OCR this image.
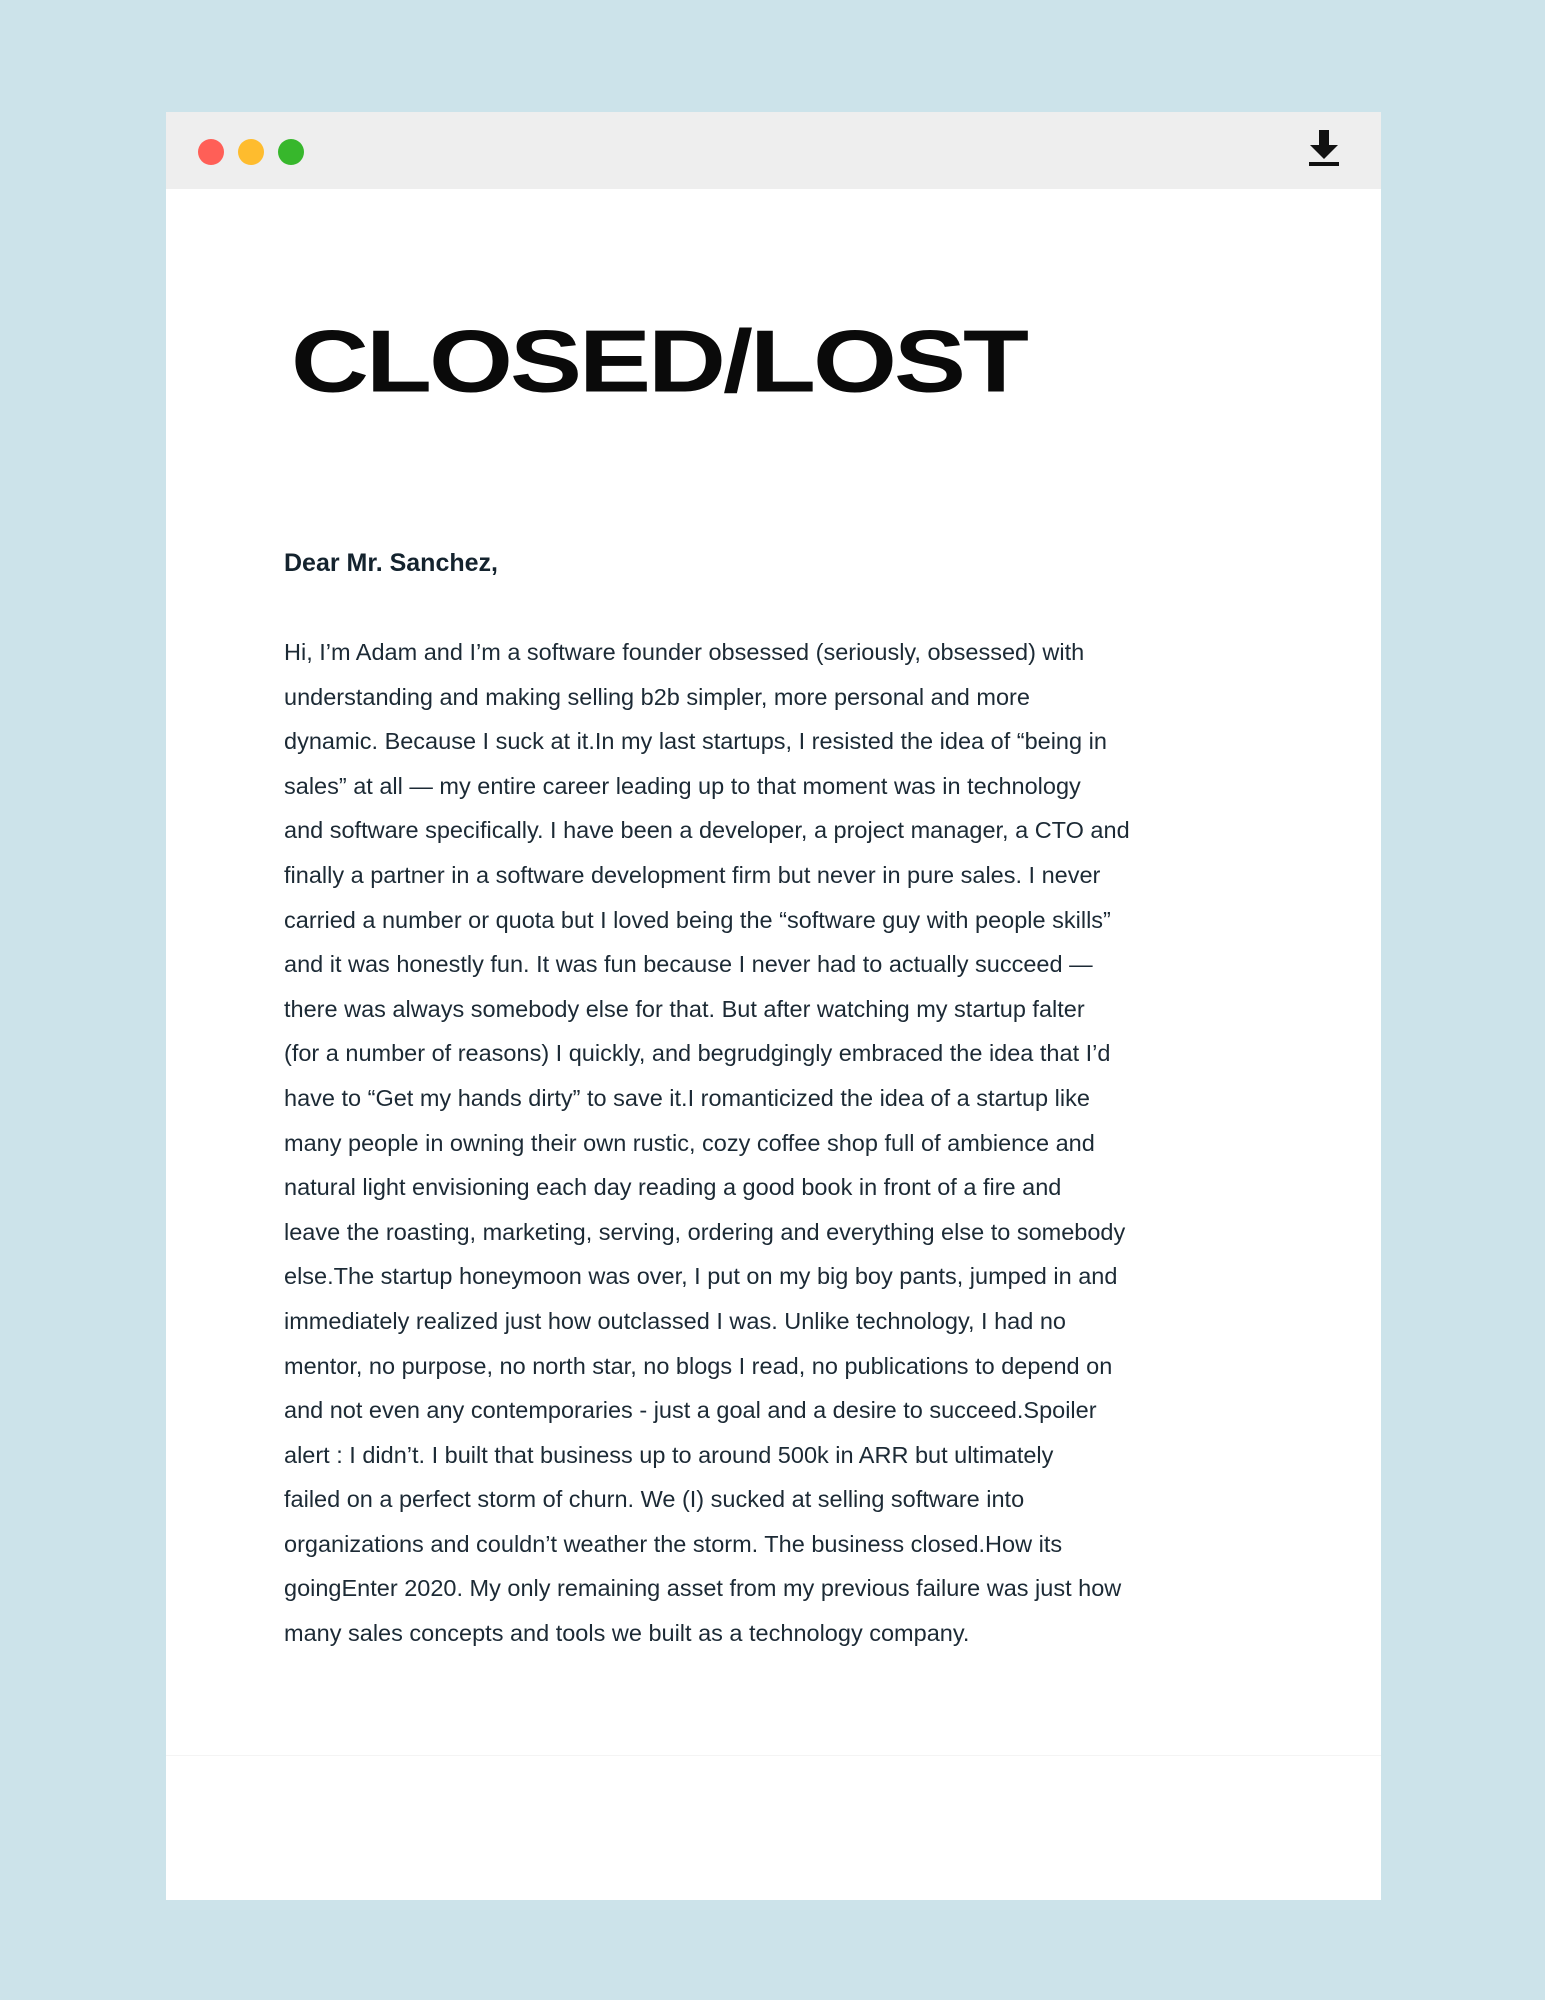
CLOSED/LOST
Dear Mr. Sanchez,
Hi, I’m Adam and I’m a software founder obsessed (seriously, obsessed) with
understanding and making selling b2b simpler, more personal and more
dynamic. Because I suck at it.In my last startups, I resisted the idea of “being in
sales” at all — my entire career leading up to that moment was in technology
and software specifically. I have been a developer, a project manager, a CTO and
finally a partner in a software development firm but never in pure sales. I never
carried a number or quota but I loved being the “software guy with people skills”
and it was honestly fun. It was fun because I never had to actually succeed —
there was always somebody else for that. But after watching my startup falter
(for a number of reasons) I quickly, and begrudgingly embraced the idea that I’d
have to “Get my hands dirty” to save it.I romanticized the idea of a startup like
many people in owning their own rustic, cozy coffee shop full of ambience and
natural light envisioning each day reading a good book in front of a fire and
leave the roasting, marketing, serving, ordering and everything else to somebody
else.The startup honeymoon was over, I put on my big boy pants, jumped in and
immediately realized just how outclassed I was. Unlike technology, I had no
mentor, no purpose, no north star, no blogs I read, no publications to depend on
and not even any contemporaries - just a goal and a desire to succeed.Spoiler
alert : I didn’t. I built that business up to around 500k in ARR but ultimately
failed on a perfect storm of churn. We (I) sucked at selling software into
organizations and couldn’t weather the storm. The business closed.How its
goingEnter 2020. My only remaining asset from my previous failure was just how
many sales concepts and tools we built as a technology company.
